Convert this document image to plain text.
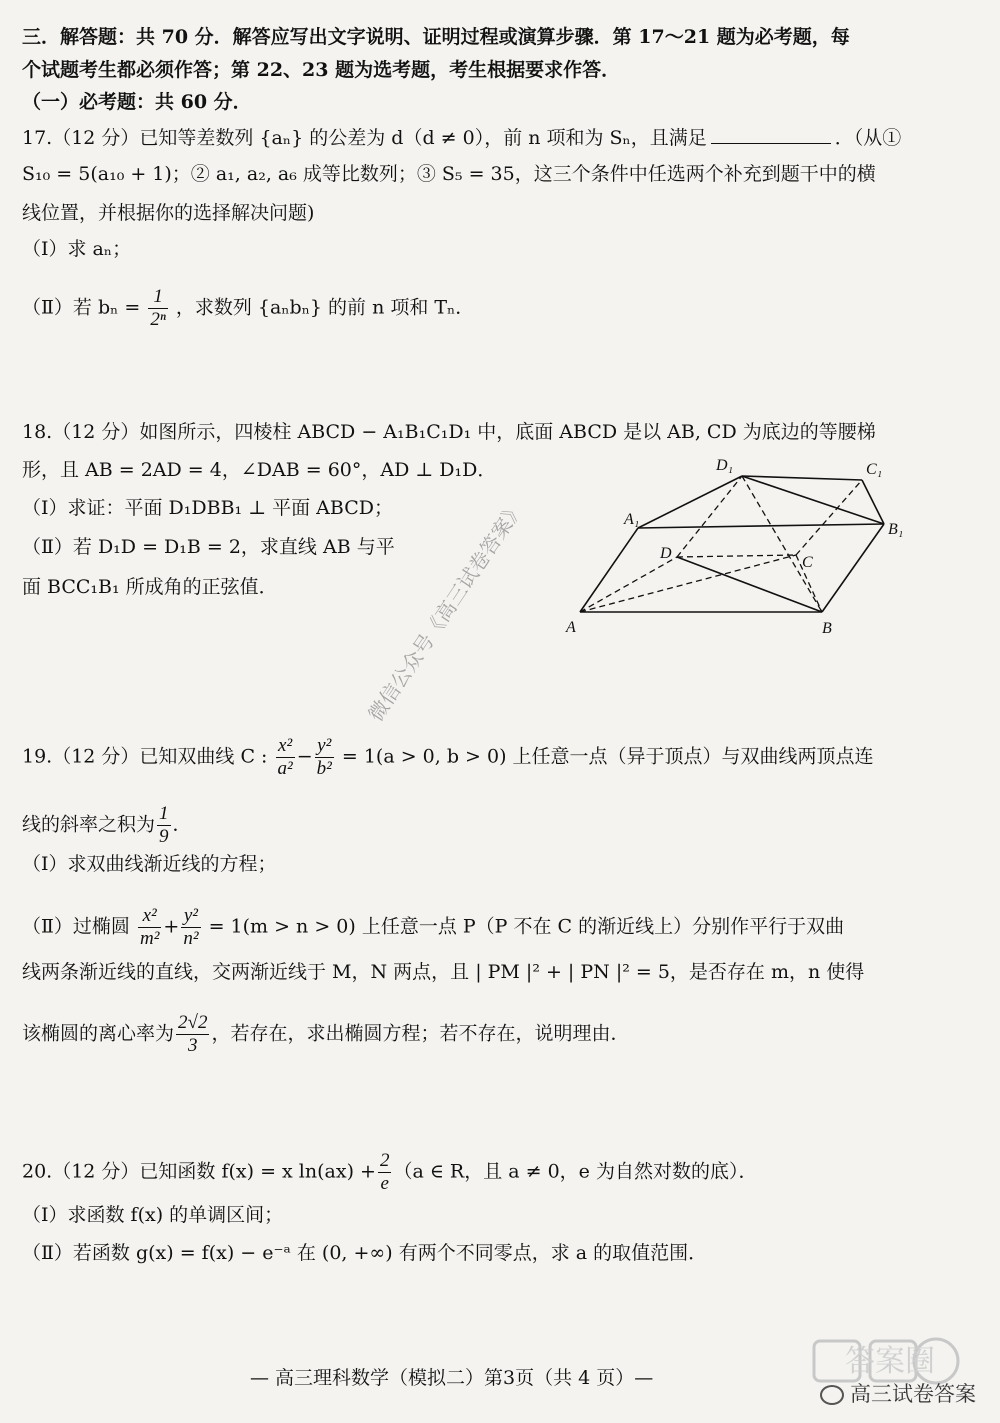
三．解答题：共 70 分．解答应写出文字说明、证明过程或演算步骤．第 17～21 题为必考题，每
个试题考生都必须作答；第 22、23 题为选考题，考生根据要求作答．
（一）必考题：共 60 分．
17.（12 分）已知等差数列 {aₙ} 的公差为 d（d ≠ 0），前 n 项和为 Sₙ，且满足	．（从①
S₁₀ = 5(a₁₀ + 1)；② a₁, a₂, a₆ 成等比数列；③ S₅ = 35，这三个条件中任选两个补充到题干中的横
线位置，并根据你的选择解决问题)
（Ⅰ）求 aₙ；
（Ⅱ）若 $b_n = \frac{1}{\text{2ⁿ}}$ ，求数列 {aₙbₙ} 的前 n 项和 Tₙ．
18.（12 分）如图所示，四棱柱 ABCD − A₁B₁C₁D₁ 中，底面 ABCD 是以 AB, CD 为底边的等腰梯
形，且 AB = 2AD = 4，∠DAB = 60°，AD ⊥ D₁D．
（Ⅰ）求证：平面 D₁DBB₁ ⊥ 平面 ABCD；
（Ⅱ）若 D₁D = D₁B = 2，求直线 AB 与平
面 BCC₁B₁ 所成角的正弦值．
A	B
C
D
A₁
B₁
C₁
D₁
微信公众号《高三试卷答案》
19.（12 分）已知双曲线 C : $\frac{\text{x²}}{\text{a²}} - \frac{\text{y²}}{\text{b²}} = 1(a > 0$, b > 0) 上任意一点（异于顶点）与双曲线两顶点连
线的斜率之积为 $\frac{1}{9}$ ．
（Ⅰ）求双曲线渐近线的方程；
（Ⅱ）过椭圆 $\frac{\text{x²}}{\text{m²}} + \frac{\text{y²}}{\text{n²}} = 1(m > n > 0)$ 上任意一点 P（P 不在 C 的渐近线上）分别作平行于双曲
线两条渐近线的直线，交两渐近线于 M，N 两点，且 | PM |² + | PN |² = 5，是否存在 m，n 使得
该椭圆的离心率为 $\frac{2√2}{3}$ ，若存在，求出椭圆方程；若不存在，说明理由．
20.（12 分）已知函数 f(x) = x $\ln(ax) + \frac{2}{e} (a$ ∈ R，且 a ≠ 0，e 为自然对数的底）．
（Ⅰ）求函数 f(x) 的单调区间；
（Ⅱ）若函数 g(x) = f(x) − e⁻ᵃ 在 (0, +∞) 有两个不同零点，求 a 的取值范围．
— 高三理科数学（模拟二）第3页（共 4 页）—	答案圈
高三试卷答案
